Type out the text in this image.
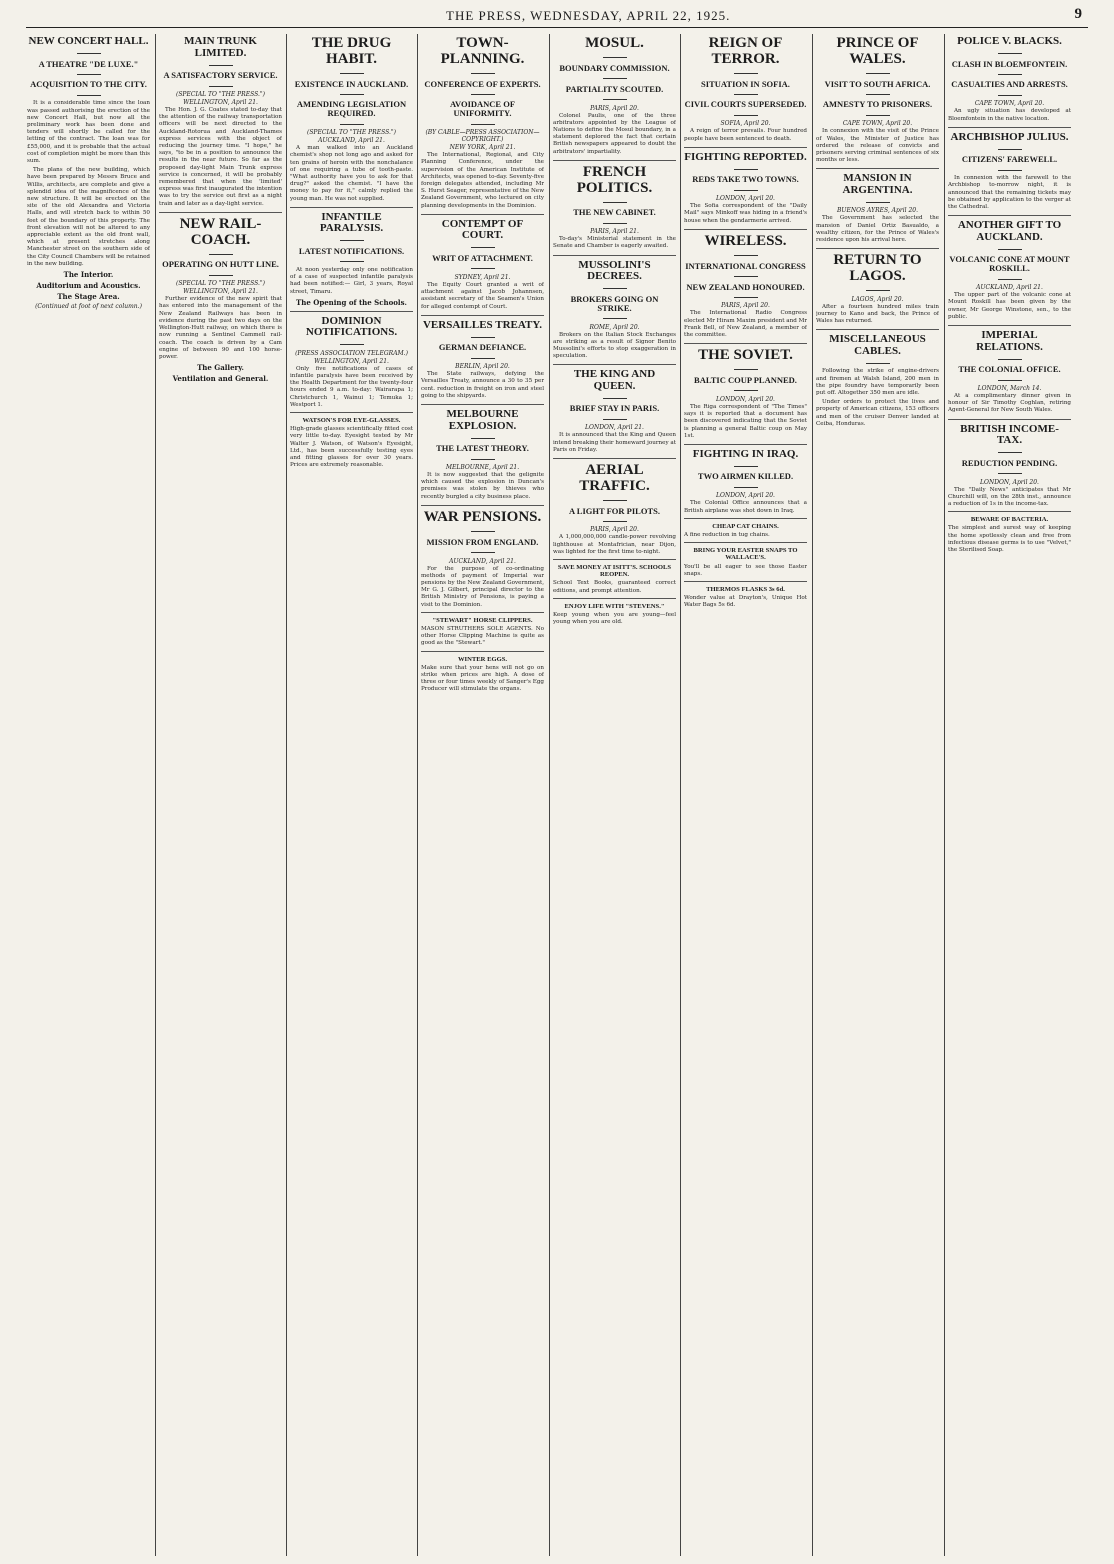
THE PRESS, WEDNESDAY, APRIL 22, 1925.	9
NEW CONCERT HALL.
A THEATRE "DE LUXE."
ACQUISITION TO THE CITY.
It is a considerable time since the loan was passed authorising the erection of the new Concert Hall, but now all the preliminary work has been done and tenders will shortly be called for the letting of the contract. The loan was for £55,000, and it is probable that the actual cost of completion might be more than this sum.
The plans of the new building, which have been prepared by Messrs Bruce and Willis, architects, are complete and give a splendid idea of the magnificence of the new structure. It will be erected on the site of the old Alexandra and Victoria Halls, and will stretch back to within 50 feet of the boundary of this property. The front elevation will not be altered to any appreciable extent as the old front wall, which at present stretches along Manchester street on the southern side of the City Council Chambers will be retained in the new building.
The Interior.
Auditorium and Acoustics.
The Stage Area.
(Continued at foot of next column.)
MAIN TRUNK LIMITED.
A SATISFACTORY SERVICE.
(SPECIAL TO "THE PRESS.")
WELLINGTON, April 21.
The Hon. J. G. Coates stated to-day that the attention of the railway transportation officers will be next directed to the Auckland-Rotorua and Auckland-Thames express services with the object of reducing the journey time. "I hope," he says, "to be in a position to announce the results in the near future. So far as the proposed day-light Main Trunk express service is concerned, it will be probably remembered that when the 'limited' express was first inaugurated the intention was to try the service out first as a night train and later as a day-light service.
NEW RAIL-COACH.
OPERATING ON HUTT LINE.
(SPECIAL TO "THE PRESS.")
WELLINGTON, April 21.
Further evidence of the new spirit that has entered into the management of the New Zealand Railways has been in evidence during the past two days on the Wellington-Hutt railway, on which there is now running a Sentinel Cammell rail-coach. The coach is driven by a Cam engine of between 90 and 100 horse-power.
The Gallery.
Ventilation and General.
THE DRUG HABIT.
EXISTENCE IN AUCKLAND.
AMENDING LEGISLATION REQUIRED.
(SPECIAL TO "THE PRESS.")
AUCKLAND, April 21.
A man walked into an Auckland chemist's shop not long ago and asked for ten grains of heroin with the nonchalance of one requiring a tube of tooth-paste. "What authority have you to ask for that drug?" asked the chemist. "I have the money to pay for it," calmly replied the young man. He was not supplied.
INFANTILE PARALYSIS.
LATEST NOTIFICATIONS.
At noon yesterday only one notification of a case of suspected infantile paralysis had been notified:— Girl, 3 years, Royal street, Timaru.
The Opening of the Schools.
DOMINION NOTIFICATIONS.
(PRESS ASSOCIATION TELEGRAM.)
WELLINGTON, April 21.
Only five notifications of cases of infantile paralysis have been received by the Health Department for the twenty-four hours ended 9 a.m. to-day: Wairarapa 1; Christchurch 1, Wainui 1; Temuka 1; Westport 1.
WATSON'S FOR EYE-GLASSES.
High-grade glasses scientifically fitted cost very little to-day. Eyesight tested by Mr Walter J. Watson, of Watson's Eyesight, Ltd., has been successfully testing eyes and fitting glasses for over 30 years. Prices are extremely reasonable.
TOWN-PLANNING.
CONFERENCE OF EXPERTS.
AVOIDANCE OF UNIFORMITY.
(BY CABLE—PRESS ASSOCIATION—COPYRIGHT.)
NEW YORK, April 21.
The International, Regional, and City Planning Conference, under the supervision of the American Institute of Architects, was opened to-day. Seventy-five foreign delegates attended, including Mr S. Hurst Seager, representative of the New Zealand Government, who lectured on city planning developments in the Dominion.
CONTEMPT OF COURT.
WRIT OF ATTACHMENT.
SYDNEY, April 21.
The Equity Court granted a writ of attachment against Jacob Johannsen, assistant secretary of the Seamen's Union for alleged contempt of Court.
VERSAILLES TREATY.
GERMAN DEFIANCE.
BERLIN, April 20.
The State railways, defying the Versailles Treaty, announce a 30 to 35 per cent. reduction in freight on iron and steel going to the shipyards.
MELBOURNE EXPLOSION.
THE LATEST THEORY.
MELBOURNE, April 21.
It is now suggested that the gelignite which caused the explosion in Duncan's premises was stolen by thieves who recently burgled a city business place.
WAR PENSIONS.
MISSION FROM ENGLAND.
AUCKLAND, April 21.
For the purpose of co-ordinating methods of payment of Imperial war pensions by the New Zealand Government, Mr G. J. Gilbert, principal director to the British Ministry of Pensions, is paying a visit to the Dominion.
"STEWART" HORSE CLIPPERS.
MASON STRUTHERS SOLE AGENTS. No other Horse Clipping Machine is quite as good as the "Stewart."
WINTER EGGS.
Make sure that your hens will not go on strike when prices are high. A dose of three or four times weekly of Sanger's Egg Producer will stimulate the organs.
MOSUL.
BOUNDARY COMMISSION.
PARTIALITY SCOUTED.
PARIS, April 20.
Colonel Paulis, one of the three arbitrators appointed by the League of Nations to define the Mosul boundary, in a statement deplored the fact that certain British newspapers appeared to doubt the arbitrators' impartiality.
FRENCH POLITICS.
THE NEW CABINET.
PARIS, April 21.
To-day's Ministerial statement in the Senate and Chamber is eagerly awaited.
MUSSOLINI'S DECREES.
BROKERS GOING ON STRIKE.
ROME, April 20.
Brokers on the Italian Stock Exchanges are striking as a result of Signor Benito Mussolini's efforts to stop exaggeration in speculation.
THE KING AND QUEEN.
BRIEF STAY IN PARIS.
LONDON, April 21.
It is announced that the King and Queen intend breaking their homeward journey at Paris on Friday.
AERIAL TRAFFIC.
A LIGHT FOR PILOTS.
PARIS, April 20.
A 1,000,000,000 candle-power revolving lighthouse at Montafrician, near Dijon, was lighted for the first time to-night.
SAVE MONEY AT ISITT'S. SCHOOLS REOPEN.
School Text Books, guaranteed correct editions, and prompt attention.
ENJOY LIFE WITH "STEVENS."
Keep young when you are young—feel young when you are old.
REIGN OF TERROR.
SITUATION IN SOFIA.
CIVIL COURTS SUPERSEDED.
SOFIA, April 20.
A reign of terror prevails. Four hundred people have been sentenced to death.
FIGHTING REPORTED.
REDS TAKE TWO TOWNS.
LONDON, April 20.
The Sofia correspondent of the "Daily Mail" says Minkoff was hiding in a friend's house when the gendarmerie arrived.
WIRELESS.
INTERNATIONAL CONGRESS
NEW ZEALAND HONOURED.
PARIS, April 20.
The International Radio Congress elected Mr Hiram Maxim president and Mr Frank Bell, of New Zealand, a member of the committee.
THE SOVIET.
BALTIC COUP PLANNED.
LONDON, April 20.
The Riga correspondent of "The Times" says it is reported that a document has been discovered indicating that the Soviet is planning a general Baltic coup on May 1st.
FIGHTING IN IRAQ.
TWO AIRMEN KILLED.
LONDON, April 20.
The Colonial Office announces that a British airplane was shot down in Iraq.
CHEAP CAT CHAINS.
A fine reduction in tug chains.
BRING YOUR EASTER SNAPS TO WALLACE'S.
You'll be all eager to see those Easter snaps.
THERMOS FLASKS 3s 6d.
Wonder value at Drayton's, Unique Hot Water Bags 5s 6d.
PRINCE OF WALES.
VISIT TO SOUTH AFRICA.
AMNESTY TO PRISONERS.
CAPE TOWN, April 20.
In connexion with the visit of the Prince of Wales, the Minister of Justice has ordered the release of convicts and prisoners serving criminal sentences of six months or less.
MANSION IN ARGENTINA.
BUENOS AYRES, April 20.
The Government has selected the mansion of Daniel Ortiz Basualdo, a wealthy citizen, for the Prince of Wales's residence upon his arrival here.
RETURN TO LAGOS.
LAGOS, April 20.
After a fourteen hundred miles train journey to Kano and back, the Prince of Wales has returned.
MISCELLANEOUS CABLES.
Following the strike of engine-drivers and firemen at Walsh Island, 200 men in the pipe foundry have temporarily been put off. Altogether 350 men are idle.
Under orders to protect the lives and property of American citizens, 153 officers and men of the cruiser Denver landed at Ceiba, Honduras.
POLICE V. BLACKS.
CLASH IN BLOEMFONTEIN.
CASUALTIES AND ARRESTS.
CAPE TOWN, April 20.
An ugly situation has developed at Bloemfontein in the native location.
ARCHBISHOP JULIUS.
CITIZENS' FAREWELL.
In connexion with the farewell to the Archbishop to-morrow night, it is announced that the remaining tickets may be obtained by application to the verger at the Cathedral.
ANOTHER GIFT TO AUCKLAND.
VOLCANIC CONE AT MOUNT ROSKILL.
AUCKLAND, April 21.
The upper part of the volcanic cone at Mount Roskill has been given by the owner, Mr George Winstone, sen., to the public.
IMPERIAL RELATIONS.
THE COLONIAL OFFICE.
LONDON, March 14.
At a complimentary dinner given in honour of Sir Timothy Coghlan, retiring Agent-General for New South Wales.
BRITISH INCOME-TAX.
REDUCTION PENDING.
LONDON, April 20.
The "Daily News" anticipates that Mr Churchill will, on the 28th inst., announce a reduction of 1s in the income-tax.
BEWARE OF BACTERIA.
The simplest and surest way of keeping the home spotlessly clean and free from infectious disease germs is to use "Velvet," the Sterilised Soap.
